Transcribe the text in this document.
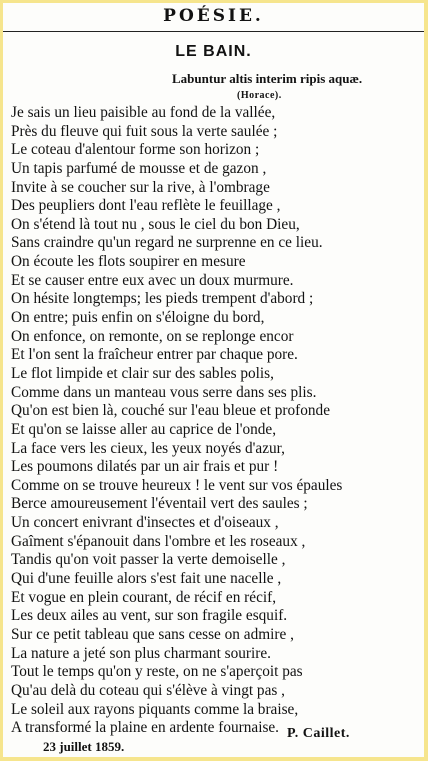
POÉSIE.
LE BAIN.
Labuntur altis interim ripis aquæ.
(Horace).
Je sais un lieu paisible au fond de la vallée,
Près du fleuve qui fuit sous la verte saulée ;
Le coteau d'alentour forme son horizon ;
Un tapis parfumé de mousse et de gazon ,
Invite à se coucher sur la rive, à l'ombrage
Des peupliers dont l'eau reflète le feuillage ,
On s'étend là tout nu , sous le ciel du bon Dieu,
Sans craindre qu'un regard ne surprenne en ce lieu.
On écoute les flots soupirer en mesure
Et se causer entre eux avec un doux murmure.
On hésite longtemps; les pieds trempent d'abord ;
On entre; puis enfin on s'éloigne du bord,
On enfonce, on remonte, on se replonge encor
Et l'on sent la fraîcheur entrer par chaque pore.
Le flot limpide et clair sur des sables polis,
Comme dans un manteau vous serre dans ses plis.
Qu'on est bien là, couché sur l'eau bleue et profonde
Et qu'on se laisse aller au caprice de l'onde,
La face vers les cieux, les yeux noyés d'azur,
Les poumons dilatés par un air frais et pur !
Comme on se trouve heureux ! le vent sur vos épaules
Berce amoureusement l'éventail vert des saules ;
Un concert enivrant d'insectes et d'oiseaux ,
Gaîment s'épanouit dans l'ombre et les roseaux ,
Tandis qu'on voit passer la verte demoiselle ,
Qui d'une feuille alors s'est fait une nacelle ,
Et vogue en plein courant, de récif en récif,
Les deux ailes au vent, sur son fragile esquif.
Sur ce petit tableau que sans cesse on admire ,
La nature a jeté son plus charmant sourire.
Tout le temps qu'on y reste, on ne s'aperçoit pas
Qu'au delà du coteau qui s'élève à vingt pas ,
Le soleil aux rayons piquants comme la braise,
A transformé la plaine en ardente fournaise. P. Caillet.
23 juillet 1859.
